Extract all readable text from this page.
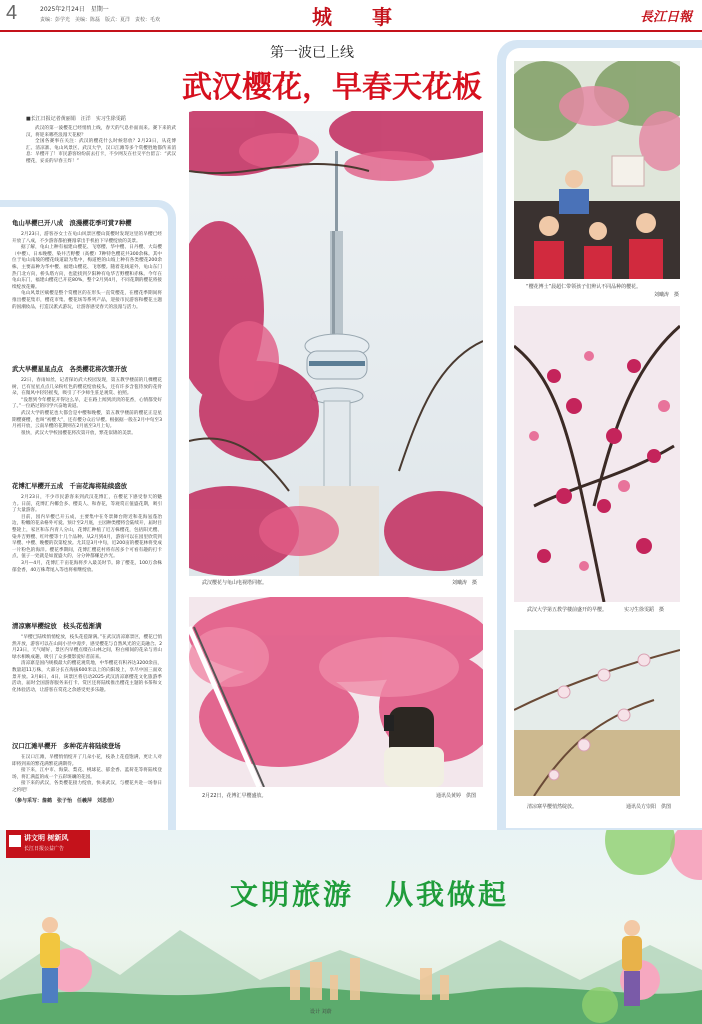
4	2025年2月24日　星期一
责编：彭学光　美编：陈磊　版式：夏洋　责校：毛欢	城　事	長江日報
第一波已上线
武汉樱花，早春天花板
■长江日报记者黄丽娟　汪洋　实习生徐雯蹈

武汉的第一波樱花已经悄悄上线，春天的气息扑面而来。赛下来的武汉，将迎来哪些浪漫天花板？

全国各赛事在关注：武汉的樱花什么时候怒放？2月23日，从花博汇、清凉寨、龟山风景区、武汉大学，汉口江滩等多个赏樱胜地都传来消息：早樱开了！市民游客纷纷前去打卡，不少网友在社交平台留言：“武汉樱花，妥妥的早春王炸！”

龟山早樱已开八成　浪漫樱花季可赏7种樱

2月23日，游客谷女士在龟山风景区樱山賞樱时发现这里的早樱已经开放了八成，不少游客都拍賽漫拿出手机拍下早樱绽放的美景。

据了解，龟山上种有福建山樱花、飞寒樱、华中樱、日丹樱、大岛樱（中樱）、日本晚樱、染井吉野樱（高樱）7种特色樱花共300余株。其中位于龟山南坡的樱花线道最为集中，梅道绝的山坡上种有各类樱花200余株，主要品种为华中樱、福建山樱花、飞寒樱。随着花线道外，龟山东门热门北方向，桥头塔方向，也能找到夕阳种有龟华吉野樱和赤株。今年在龟山东门，福建山樱花已开花80%，整个2月到4月，不同花期的樱花将接续绽放花瓣。

龟山风景区赋樱是整个赏樱区的在形头一直赏樱花，在樱花季期间将推出樱花集市，樱花市集、樱花场等系列产品，迎接市民游客和樱花主题的国潮妆品，打造汉派式游玩，让游客感受春天的浪漫与活力。

武大早樱星星点点　各类樱花将次第开放

22日，春雨如丝，记者探访武大校园发现，第五教学楼前的几棵樱花树，已有星星点点几朵粉红色的樱花绽放枝头，还有许多含苞待放的花骨朵，在微风中轻轻摇曳，吸引了不少师生驻足观赏、拍照。

“没想到今年樱花开得这么早，走在路上闻到淡淡的花香，心情都变好了。”一位路过的同学兴奋地说道。

武汉大学的樱花也大都会是中樱和晚樱，第五教学楼前的樱花正是星期樱赛樱，也叫“初樱大”，还有樱分众后早樱。根据据一般在2月中旬至3月初开放，云南早樱的花期则在2月底至3月上旬。

很快，武汉大学校园樱花将次第开放，繁花似锦的美景。

花博汇早樱开五成　千亩花海将陆续盛放

2月23日，不少市民游客来到武汉花博汇，在樱花下感受春天的魅力。日前，花博汇内椰会多、樱美人、和春花，等观赏正值盛花期，吸引了大量游客。

目前，园内早樱已开五成，主要集中在冬景舞台附近和花海氢蓬冶边，粉嫩的花朵格外可爱。预计至2月底，主园种类樱将会陆续开，届时目整轮上，家区和东内青人分山，花博汇种植了近万株樱花，包括阳光樱、染井吉野樱、红叶樱等十几个品种。从2月到4月，游客可以在园里欣赏到早樱、中樱、晚樱的次第绽放。尤其是3月中旬，近200亩的樱花林将变成一片粉色的海洋。樱花季期间，花博汇樱花村将有茜多个可看有趣的打卡点，值子一处就是如置盛大的，分分钟都赚足沙光。

3月—4月，花博汇千亩花海将步入最美时节。除了樱花，100万余株郁金香，40万株鸢尾入等也将相继绽放。

清凉寨早樱绽放　枝头花苞渐满

“早樱已陆续悄悄绽放，枝头花苞渐满。”在武汉清凉寨景区，樱花已悄然开放，游客可以在山间小径中漫步，感受樱花与自然风光的完美融合。2月23日，天气晴好，景区内早樱点缀在山林之间，粉白相间的花朵与青山绿水相映成趣，吸引了众多摄影爱好者前来。

清凉寨是国内规模最大的樱花观赏地，中华樱花有积养达3200余亩，数量超11万株，大部分长在海拔600米以上的向阳坡上，享尽中国三面欢景开放。3月8日，4日，该景区将启动2025·武汉清凉寨樱花文化旅游季活动，届时全国游客服务来打卡、赏区还将陆续推出樱花主题的书茶和文化体验活动，让游客在赏花之余感受更多乐趣。

汉口江滩早樱开　多种花卉将陆续登场

在汉口江滩，早樱悄悄绽开了几朵小花，枝条上花苞饱满，更让人对即将到来的繁花满繁花满期待。

接下来，江中市、海棠、梨花、桃球花、郁金香、蓝荷花等将陆续登场，将汇满蓝的成一个五彩斑斓的花园。

接下来的武汉，各类樱花接力绽放，快来武汉，与樱花共赴一场春日之约吧！

（参与采写：詹鹤　张子怡　任羲萍　刘思佳）
武汉樱花与龟山电视塔同框。	刘曦涛　摄
2月22日，花博汇早樱盛放。	通讯员黄婷　供图
“樱花博士”晨超仁带领孩子们辨认不同品种的樱花。
刘曦涛　摄
武汉大学第五教学楼前盛开的早樱。	实习生徐雯蹈　摄
清凉寨早樱悄然绽放。	通讯员方崇阳　供图
讲文明 树新风
长江日报公益广告
文明旅游　从我做起
设计 刘蔚
